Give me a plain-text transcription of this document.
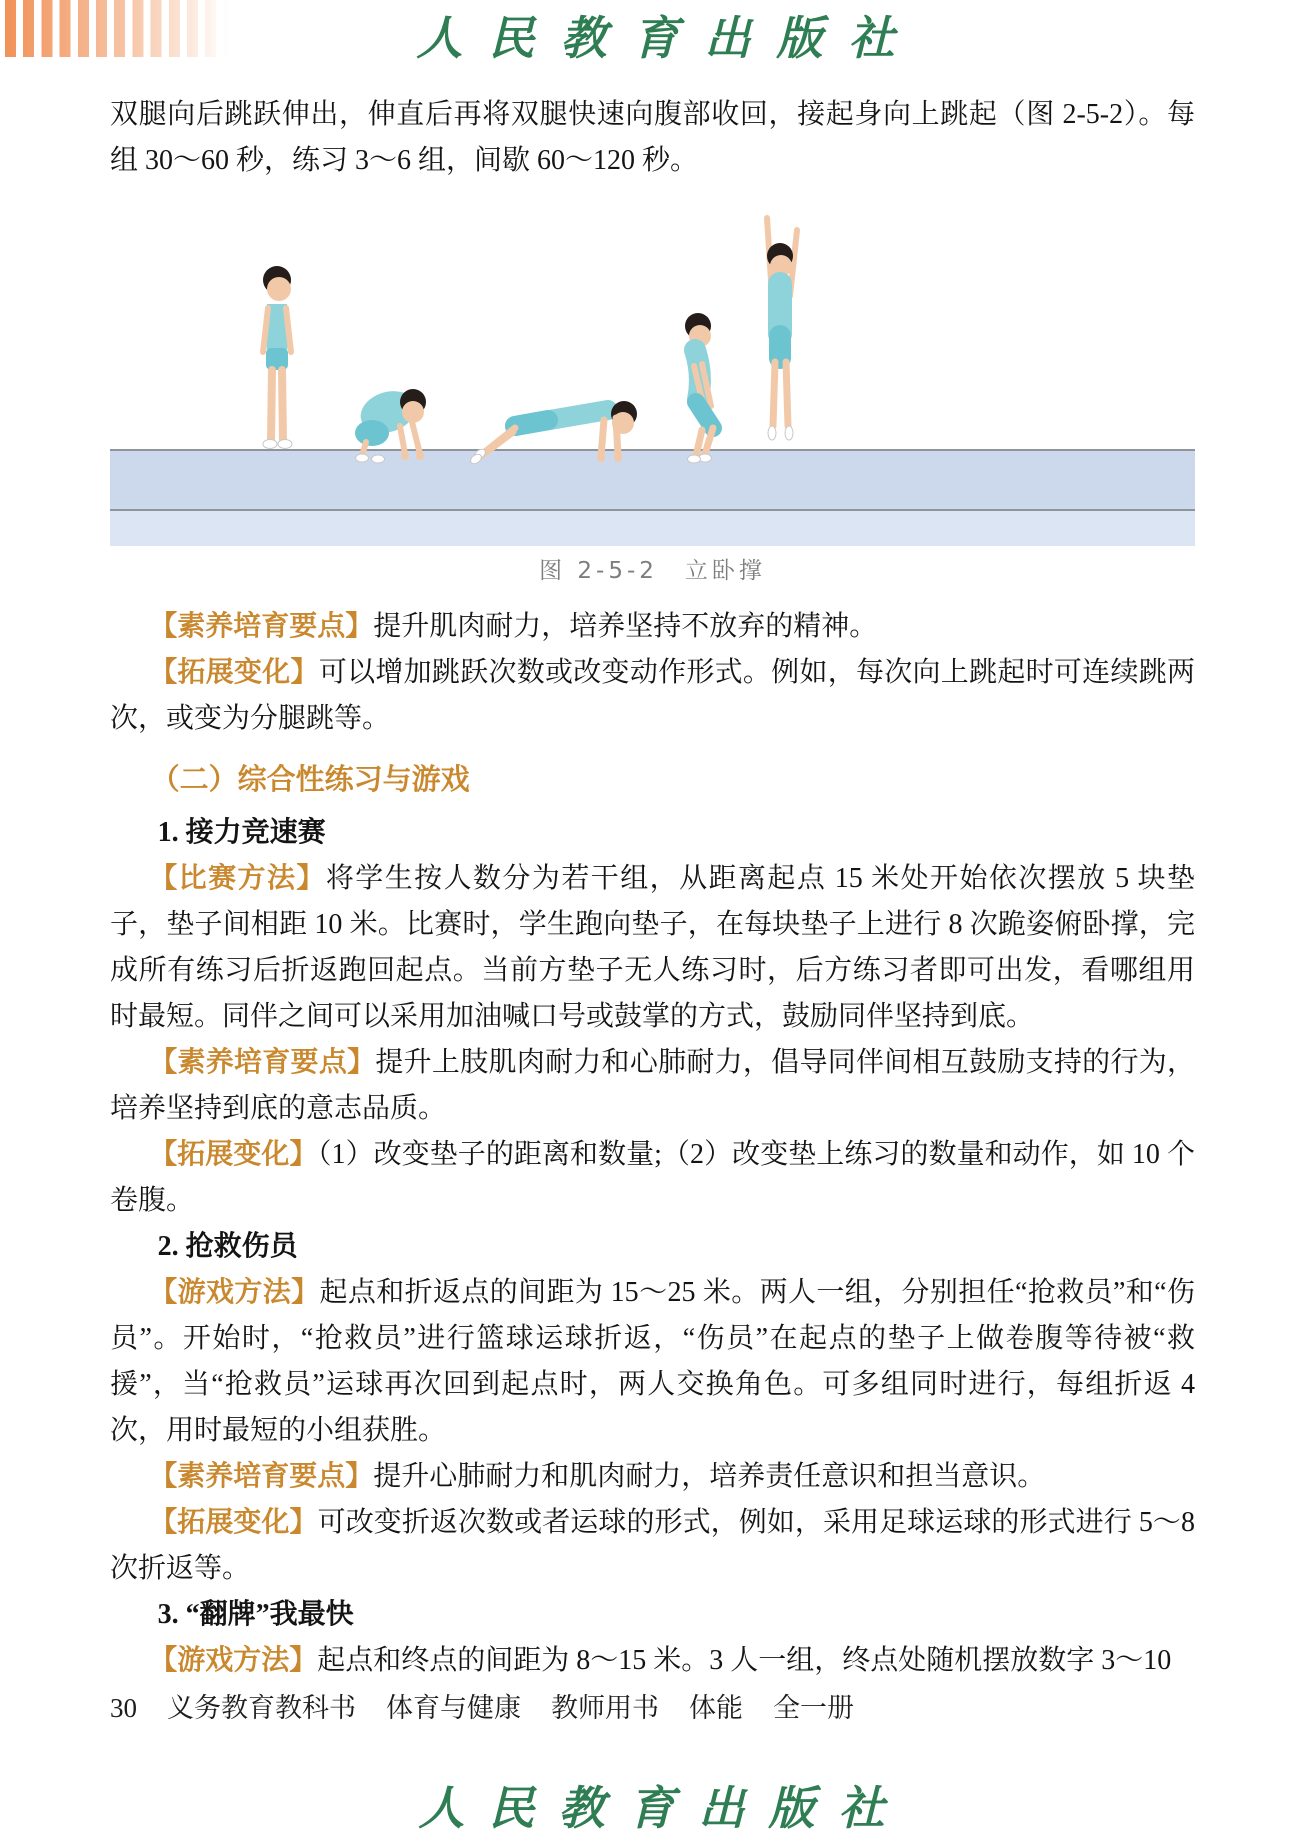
人民教育出版社

双腿向后跳跃伸出，伸直后再将双腿快速向腹部收回，接起身向上跳起（图 2-5-2）。每组 30～60 秒，练习 3～6 组，间歇 60～120 秒。

图 2-5-2　立卧撑

【素养培育要点】提升肌肉耐力，培养坚持不放弃的精神。

【拓展变化】可以增加跳跃次数或改变动作形式。例如，每次向上跳起时可连续跳两次，或变为分腿跳等。

（二）综合性练习与游戏
1. 接力竞速赛

【比赛方法】将学生按人数分为若干组，从距离起点 15 米处开始依次摆放 5 块垫子，垫子间相距 10 米。比赛时，学生跑向垫子，在每块垫子上进行 8 次跪姿俯卧撑，完成所有练习后折返跑回起点。当前方垫子无人练习时，后方练习者即可出发，看哪组用时最短。同伴之间可以采用加油喊口号或鼓掌的方式，鼓励同伴坚持到底。

【素养培育要点】提升上肢肌肉耐力和心肺耐力，倡导同伴间相互鼓励支持的行为，培养坚持到底的意志品质。

【拓展变化】（1）改变垫子的距离和数量;（2）改变垫上练习的数量和动作，如 10 个卷腹。

2. 抢救伤员

【游戏方法】起点和折返点的间距为 15～25 米。两人一组，分别担任“抢救员”和“伤员”。开始时，“抢救员”进行篮球运球折返，“伤员”在起点的垫子上做卷腹等待被“救援”，当“抢救员”运球再次回到起点时，两人交换角色。可多组同时进行，每组折返 4 次，用时最短的小组获胜。

【素养培育要点】提升心肺耐力和肌肉耐力，培养责任意识和担当意识。

【拓展变化】可改变折返次数或者运球的形式，例如，采用足球运球的形式进行 5～8 次折返等。

3. “翻牌”我最快

【游戏方法】起点和终点的间距为 8～15 米。3 人一组，终点处随机摆放数字 3～10

30 义务教育教科书 体育与健康 教师用书 体能 全一册
人民教育出版社
